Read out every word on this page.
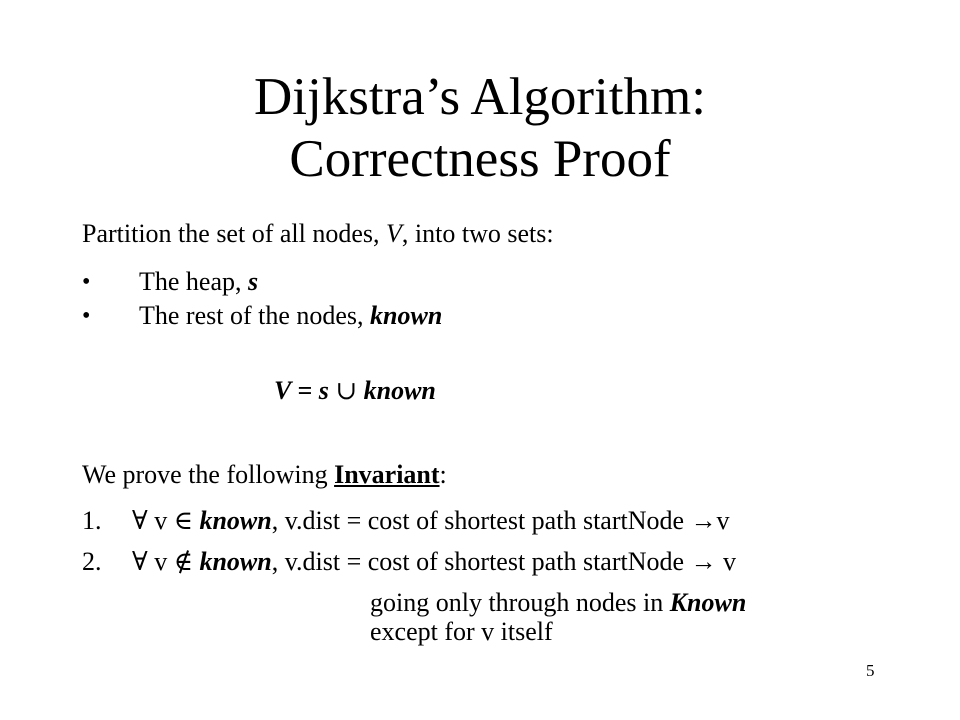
Dijkstra’s Algorithm:
Correctness Proof
Partition the set of all nodes, V, into two sets:
• The heap, s
• The rest of the nodes, known
V = s ∪ known
We prove the following Invariant:
1. ∀ v ∈ known, v.dist = cost of shortest path startNode →v
2. ∀ v ∉ known, v.dist = cost of shortest path startNode → v
going only through nodes in Known
except for v itself
5
